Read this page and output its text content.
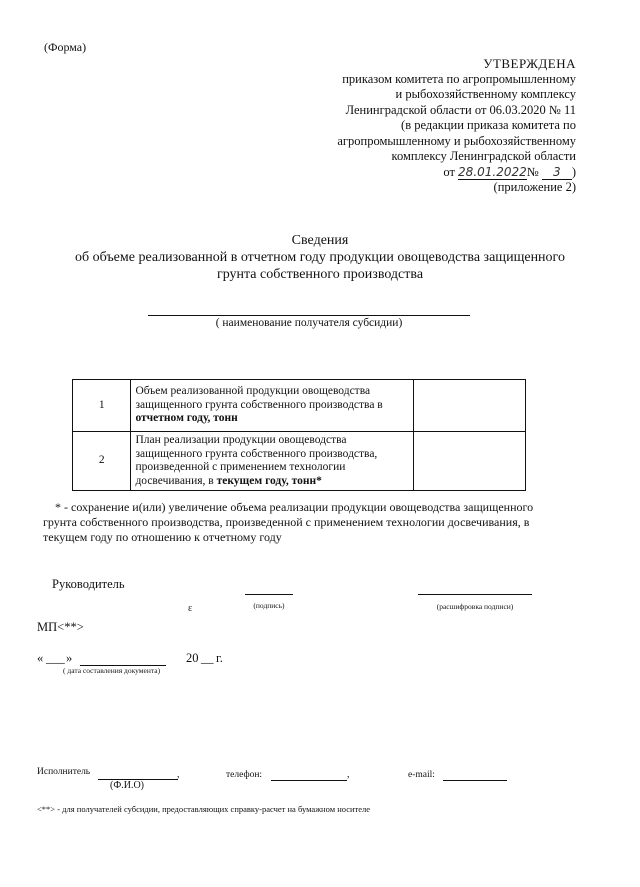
(Форма)
УТВЕРЖДЕНА
приказом комитета по агропромышленному
и рыбохозяйственному комплексу
Ленинградской области от 06.03.2020 № 11
(в редакции приказа комитета по
агропромышленному и рыбохозяйственному
комплексу Ленинградской области
от 28.01.2022№ 3 )
(приложение 2)
Сведения
об объеме реализованной в отчетном году продукции овощеводства защищенного
грунта собственного производства
( наименование получателя субсидии)
1	Объем реализованной продукции овощеводства защищенного грунта собственного производства в отчетном году, тонн	
2	План реализации продукции овощеводства защищенного грунта собственного производства, произведенной с применением технологии досвечивания, в текущем году, тонн*	
* - сохранение и(или) увеличение объема реализации продукции овощеводства защищенного
грунта собственного производства, произведенной с применением технологии досвечивания, в
текущем году по отношению к отчетному году
Руководитель
(подпись)	(расшифровка подписи)
ɛ
МП<**>
« ___ »	20 __ г.
( дата составления документа)
Исполнитель	,
(Ф.И.О)
телефон:	,	e-mail:
<**> - для получателей субсидии, предоставляющих справку-расчет на бумажном носителе
